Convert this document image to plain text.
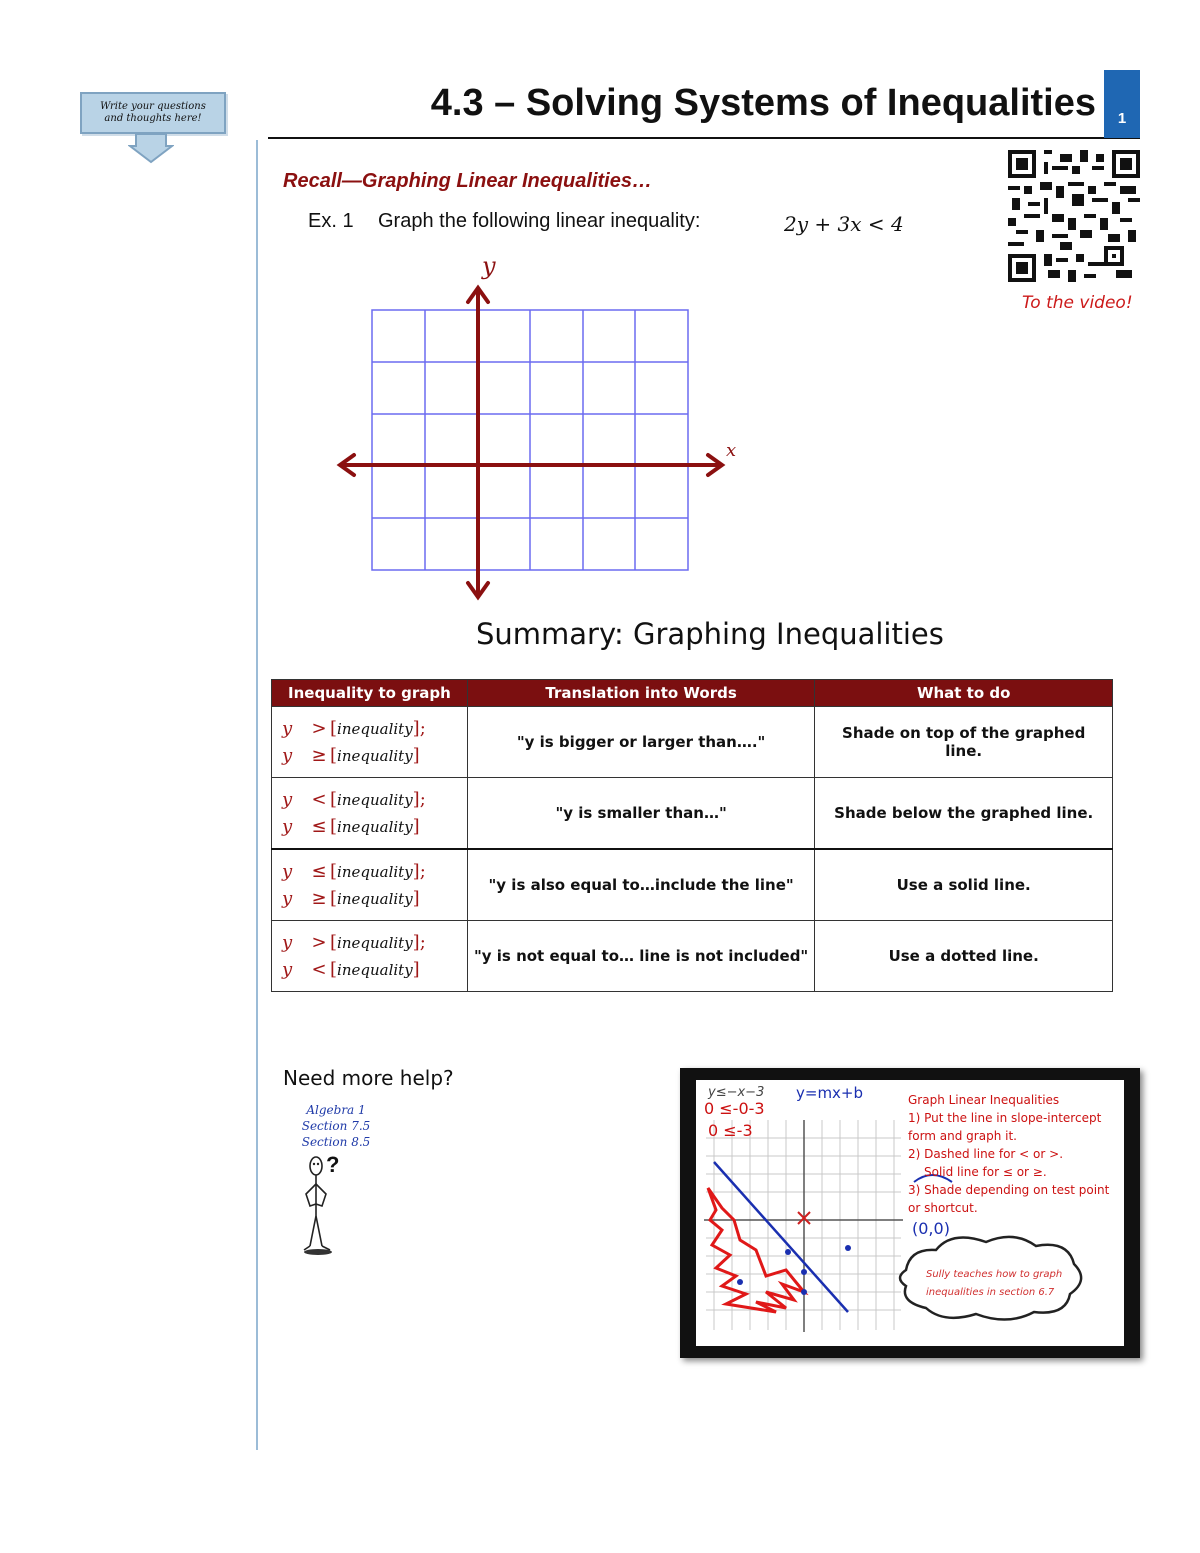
Write your questions
and thoughts here!	4.3 – Solving Systems of Inequalities	1
Recall—Graphing Linear Inequalities…
Ex. 1 Graph the following linear inequality:	2y + 3x < 4
To the video!
y
x
Summary: Graphing Inequalities
Inequality to graph	Translation into Words	What to do

y > [inequality];
y ≥ [inequality]	"y is bigger or larger than…."	Shade on top of the graphed line.

y < [inequality];
y ≤ [inequality]	"y is smaller than…"	Shade below the graphed line.

y ≤ [inequality];
y ≥ [inequality]	"y is also equal to…include the line"	Use a solid line.

y > [inequality];
y < [inequality]	"y is not equal to… line is not included"	Use a dotted line.
Need more help?
Algebra 1
Section 7.5
Section 8.5
?
y≤−x−3 y=mx+b
0 ≤-0-3
0 ≤-3
Graph Linear Inequalities
1) Put the line in slope-intercept
form and graph it.
2) Dashed line for < or >.
Solid line for ≤ or ≥.
3) Shade depending on test point
or shortcut.
(0,0)
Sully teaches how to graph
inequalities in section 6.7
